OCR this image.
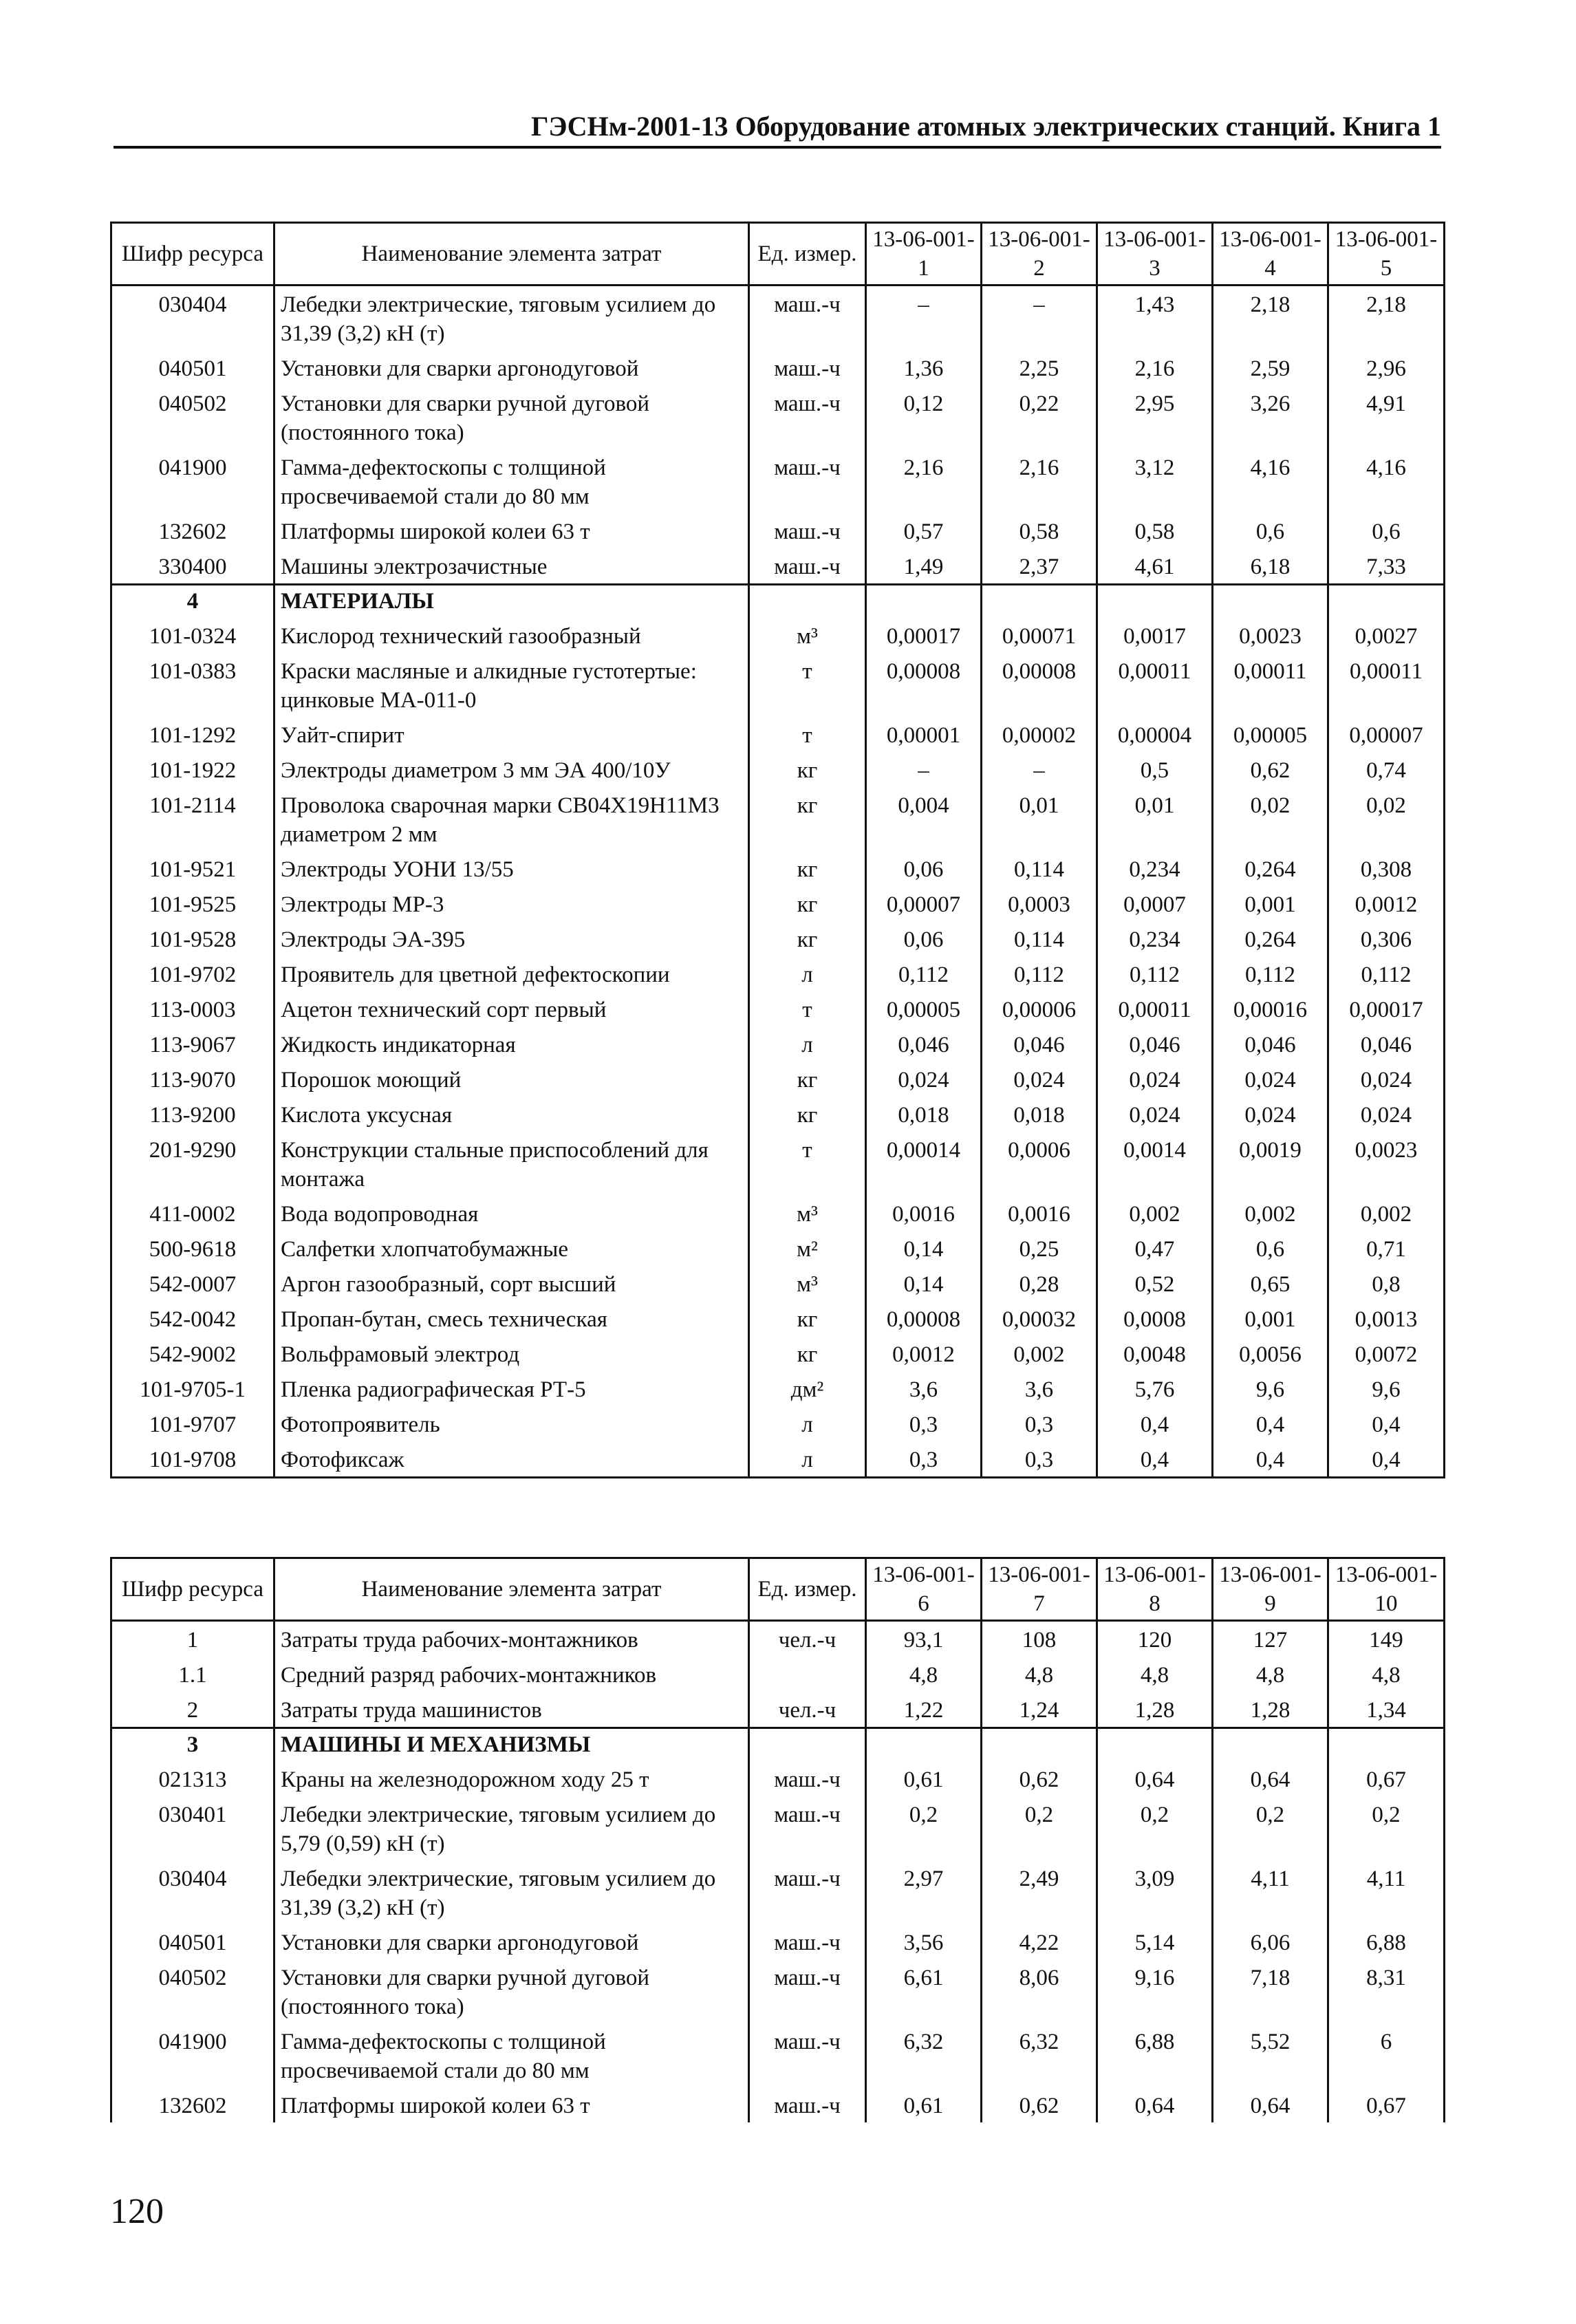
ГЭСНм-2001-13 Оборудование атомных электрических станций. Книга 1
Шифр ресурса	Наименование элемента затрат	Ед. измер.	13-06-001-1	13-06-001-2	13-06-001-3	13-06-001-4	13-06-001-5
030404	Лебедки электрические, тяговым усилием до 31,39 (3,2) кН (т)	маш.-ч	–	–	1,43	2,18	2,18
040501	Установки для сварки аргонодуговой	маш.-ч	1,36	2,25	2,16	2,59	2,96
040502	Установки для сварки ручной дуговой (постоянного тока)	маш.-ч	0,12	0,22	2,95	3,26	4,91
041900	Гамма-дефектоскопы с толщиной просвечиваемой стали до 80 мм	маш.-ч	2,16	2,16	3,12	4,16	4,16
132602	Платформы широкой колеи 63 т	маш.-ч	0,57	0,58	0,58	0,6	0,6
330400	Машины электрозачистные	маш.-ч	1,49	2,37	4,61	6,18	7,33
4	МАТЕРИАЛЫ						
101-0324	Кислород технический газообразный	м³	0,00017	0,00071	0,0017	0,0023	0,0027
101-0383	Краски масляные и алкидные густотертые: цинковые МА-011-0	т	0,00008	0,00008	0,00011	0,00011	0,00011
101-1292	Уайт-спирит	т	0,00001	0,00002	0,00004	0,00005	0,00007
101-1922	Электроды диаметром 3 мм ЭА 400/10У	кг	–	–	0,5	0,62	0,74
101-2114	Проволока сварочная марки СВ04Х19Н11М3 диаметром 2 мм	кг	0,004	0,01	0,01	0,02	0,02
101-9521	Электроды УОНИ 13/55	кг	0,06	0,114	0,234	0,264	0,308
101-9525	Электроды МР-3	кг	0,00007	0,0003	0,0007	0,001	0,0012
101-9528	Электроды ЭА-395	кг	0,06	0,114	0,234	0,264	0,306
101-9702	Проявитель для цветной дефектоскопии	л	0,112	0,112	0,112	0,112	0,112
113-0003	Ацетон технический сорт первый	т	0,00005	0,00006	0,00011	0,00016	0,00017
113-9067	Жидкость индикаторная	л	0,046	0,046	0,046	0,046	0,046
113-9070	Порошок моющий	кг	0,024	0,024	0,024	0,024	0,024
113-9200	Кислота уксусная	кг	0,018	0,018	0,024	0,024	0,024
201-9290	Конструкции стальные приспособлений для монтажа	т	0,00014	0,0006	0,0014	0,0019	0,0023
411-0002	Вода водопроводная	м³	0,0016	0,0016	0,002	0,002	0,002
500-9618	Салфетки хлопчатобумажные	м²	0,14	0,25	0,47	0,6	0,71
542-0007	Аргон газообразный, сорт высший	м³	0,14	0,28	0,52	0,65	0,8
542-0042	Пропан-бутан, смесь техническая	кг	0,00008	0,00032	0,0008	0,001	0,0013
542-9002	Вольфрамовый электрод	кг	0,0012	0,002	0,0048	0,0056	0,0072
101-9705-1	Пленка радиографическая РТ-5	дм²	3,6	3,6	5,76	9,6	9,6
101-9707	Фотопроявитель	л	0,3	0,3	0,4	0,4	0,4
101-9708	Фотофиксаж	л	0,3	0,3	0,4	0,4	0,4
Шифр ресурса	Наименование элемента затрат	Ед. измер.	13-06-001-6	13-06-001-7	13-06-001-8	13-06-001-9	13-06-001-10
1	Затраты труда рабочих-монтажников	чел.-ч	93,1	108	120	127	149
1.1	Средний разряд рабочих-монтажников		4,8	4,8	4,8	4,8	4,8
2	Затраты труда машинистов	чел.-ч	1,22	1,24	1,28	1,28	1,34
3	МАШИНЫ И МЕХАНИЗМЫ						
021313	Краны на железнодорожном ходу 25 т	маш.-ч	0,61	0,62	0,64	0,64	0,67
030401	Лебедки электрические, тяговым усилием до 5,79 (0,59) кН (т)	маш.-ч	0,2	0,2	0,2	0,2	0,2
030404	Лебедки электрические, тяговым усилием до 31,39 (3,2) кН (т)	маш.-ч	2,97	2,49	3,09	4,11	4,11
040501	Установки для сварки аргонодуговой	маш.-ч	3,56	4,22	5,14	6,06	6,88
040502	Установки для сварки ручной дуговой (постоянного тока)	маш.-ч	6,61	8,06	9,16	7,18	8,31
041900	Гамма-дефектоскопы с толщиной просвечиваемой стали до 80 мм	маш.-ч	6,32	6,32	6,88	5,52	6
132602	Платформы широкой колеи 63 т	маш.-ч	0,61	0,62	0,64	0,64	0,67
120
